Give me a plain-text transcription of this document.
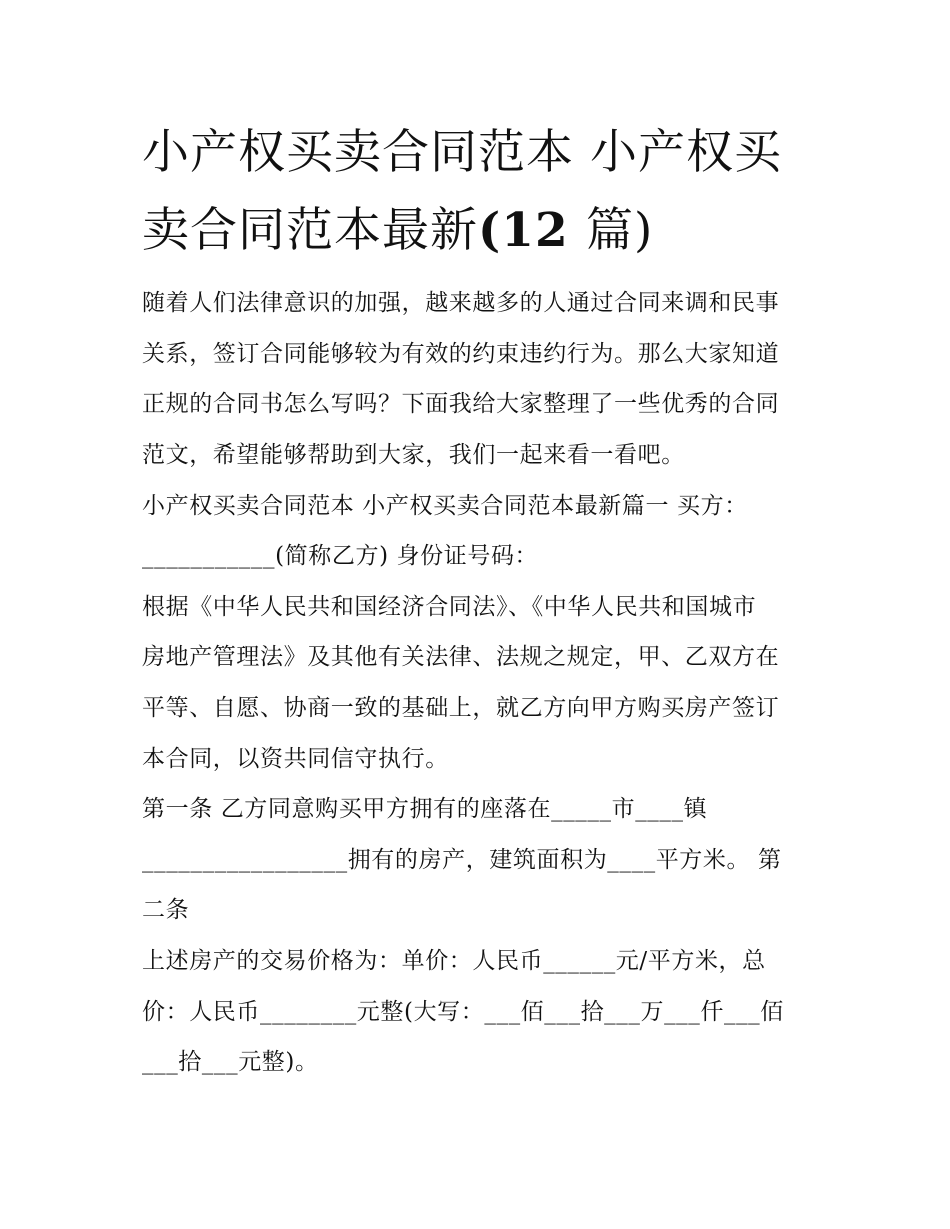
小产权买卖合同范本 小产权买
卖合同范本最新(12 篇)

随着人们法律意识的加强，越来越多的人通过合同来调和民事

关系，签订合同能够较为有效的约束违约行为。那么大家知道

正规的合同书怎么写吗？下面我给大家整理了一些优秀的合同

范文，希望能够帮助到大家，我们一起来看一看吧。

小产权买卖合同范本 小产权买卖合同范本最新篇一 买方：

___________(简称乙方) 身份证号码：

根据《中华人民共和国经济合同法》、《中华人民共和国城市

房地产管理法》及其他有关法律、法规之规定，甲、乙双方在

平等、自愿、协商一致的基础上，就乙方向甲方购买房产签订

本合同，以资共同信守执行。

第一条 乙方同意购买甲方拥有的座落在_____市____镇

_________________拥有的房产，建筑面积为____平方米。 第

二条

上述房产的交易价格为：单价：人民币______元/平方米，总

价：人民币________元整(大写：___佰___拾___万___仟___佰

___拾___元整)。
